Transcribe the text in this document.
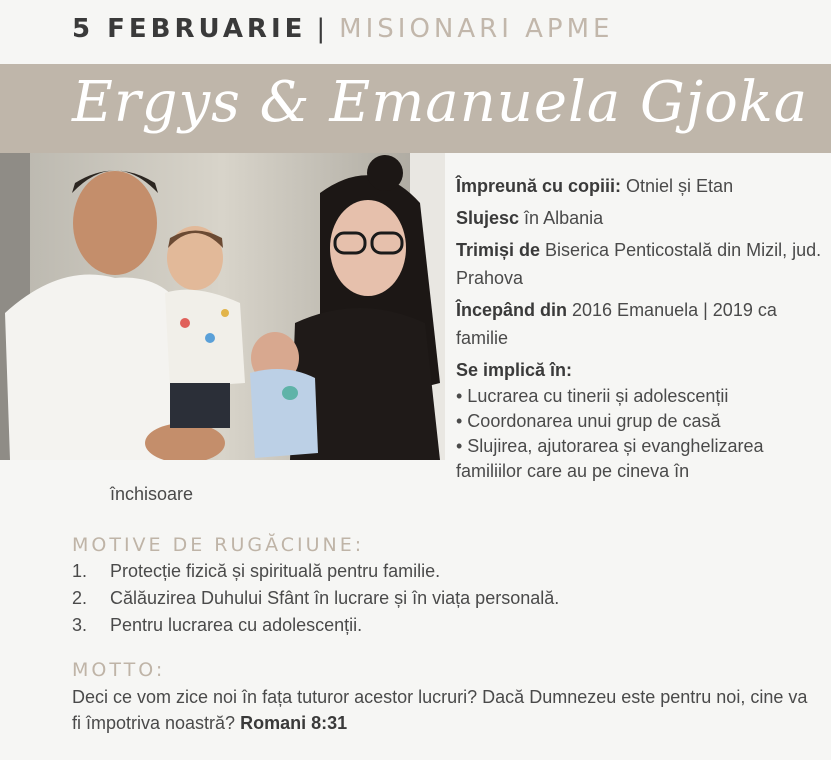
5 FEBRUARIE | MISIONARI APME
Ergys & Emanuela Gjoka
Împreună cu copiii: Otniel și Etan
Slujesc în Albania
Trimiși de Biserica Penticostală din Mizil, jud. Prahova
Începând din 2016 Emanuela | 2019 ca familie
Se implică în:
• Lucrarea cu tinerii și adolescenții
• Coordonarea unui grup de casă
• Slujirea, ajutorarea și evanghelizarea familiilor care au pe cineva în
închisoare
MOTIVE DE RUGĂCIUNE:
1.	Protecție fizică și spirituală pentru familie.
2.	Călăuzirea Duhului Sfânt în lucrare și în viața personală.
3.	Pentru lucrarea cu adolescenții.
MOTTO:
Deci ce vom zice noi în fața tuturor acestor lucruri? Dacă Dumnezeu este pentru noi, cine va fi împotriva noastră? Romani 8:31
